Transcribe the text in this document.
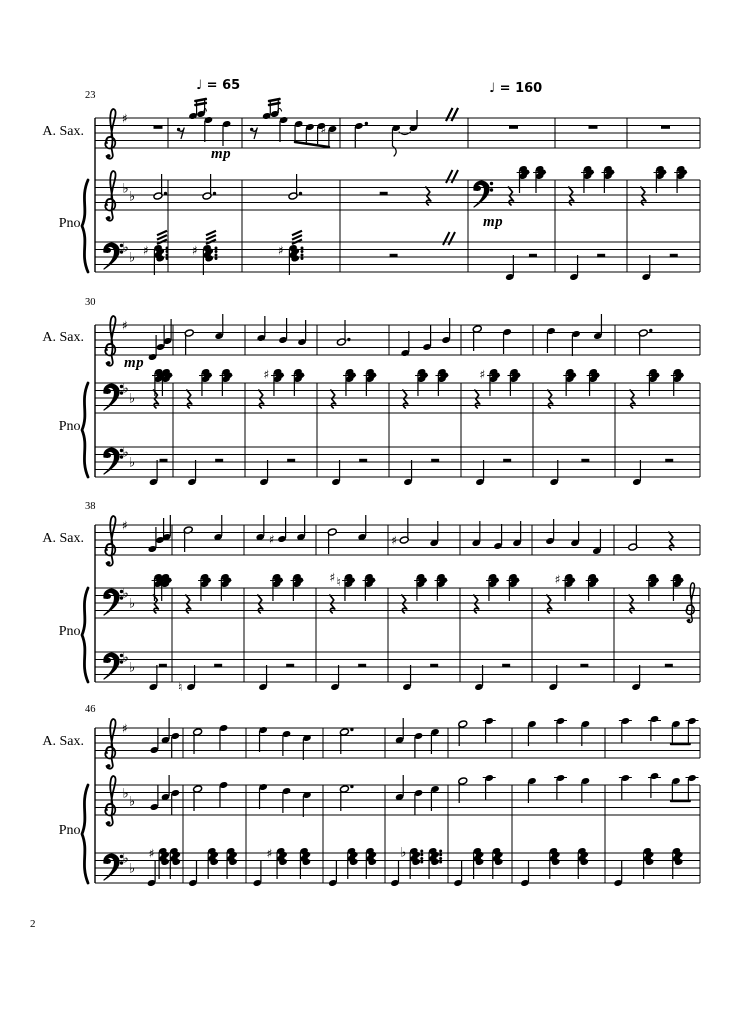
♯
♭
♭
♭
♭ ♯	♯
♯
♯
♯
♭
♭
♭
♭
♯	♯
♯
♭
♭
♭
♭
♮
♯
♯ ♮
♯
♯
♯
♭
♭
♭
♭
♯	♯	♭
23
30
38
46
A. Sax.
A. Sax.
A. Sax.
A. Sax.
Pno.
Pno.
Pno.
Pno.
♩ = 65	♩ = 160
mp
mp
mp
2
